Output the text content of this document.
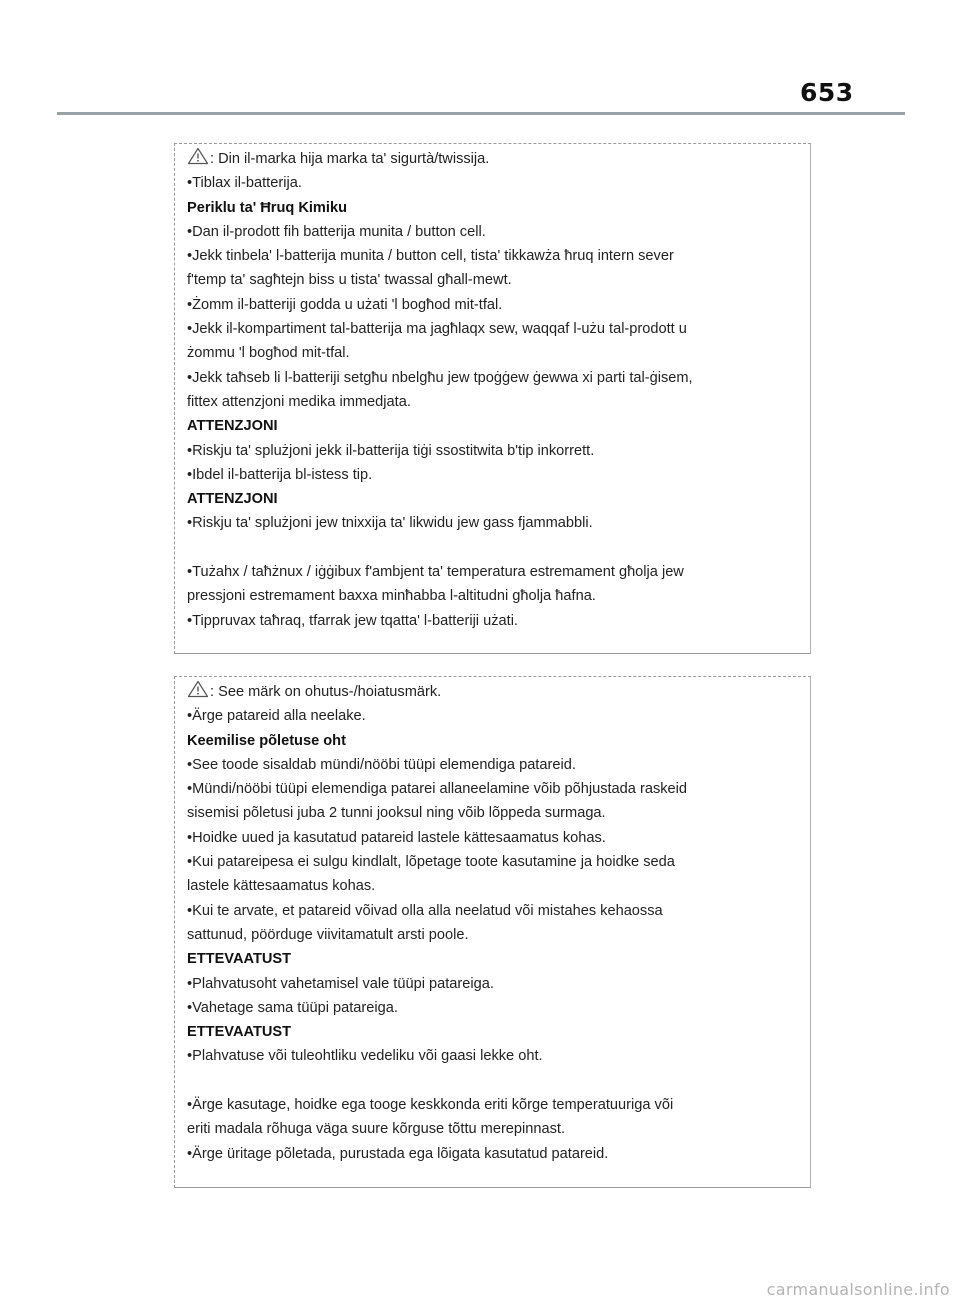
653
: Din il-marka hija marka ta' sigurtà/twissija.
•Tiblax il-batterija.
Periklu ta' Ħruq Kimiku
•Dan il-prodott fih batterija munita / button cell.
•Jekk tinbela' l-batterija munita / button cell, tista' tikkawża ħruq intern sever
f'temp ta' sagħtejn biss u tista' twassal għall-mewt.
•Żomm il-batteriji godda u użati 'l bogħod mit-tfal.
•Jekk il-kompartiment tal-batterija ma jagħlaqx sew, waqqaf l-użu tal-prodott u
żommu 'l bogħod mit-tfal.
•Jekk taħseb li l-batteriji setgħu nbelgħu jew tpoġġew ġewwa xi parti tal-ġisem,
fittex attenzjoni medika immedjata.
ATTENZJONI
•Riskju ta' splużjoni jekk il-batterija tiġi ssostitwita b'tip inkorrett.
•Ibdel il-batterija bl-istess tip.
ATTENZJONI
•Riskju ta' splużjoni jew tnixxija ta' likwidu jew gass fjammabbli.
•Tużahx / taħżnux / iġġibux f'ambjent ta' temperatura estremament għolja jew
pressjoni estremament baxxa minħabba l-altitudni għolja ħafna.
•Tippruvax taħraq, tfarrak jew tqatta' l-batteriji użati.
: See märk on ohutus-/hoiatusmärk.
•Ärge patareid alla neelake.
Keemilise põletuse oht
•See toode sisaldab mündi/nööbi tüüpi elemendiga patareid.
•Mündi/nööbi tüüpi elemendiga patarei allaneelamine võib põhjustada raskeid
sisemisi põletusi juba 2 tunni jooksul ning võib lõppeda surmaga.
•Hoidke uued ja kasutatud patareid lastele kättesaamatus kohas.
•Kui patareipesa ei sulgu kindlalt, lõpetage toote kasutamine ja hoidke seda
lastele kättesaamatus kohas.
•Kui te arvate, et patareid võivad olla alla neelatud või mistahes kehaossa
sattunud, pöörduge viivitamatult arsti poole.
ETTEVAATUST
•Plahvatusoht vahetamisel vale tüüpi patareiga.
•Vahetage sama tüüpi patareiga.
ETTEVAATUST
•Plahvatuse või tuleohtliku vedeliku või gaasi lekke oht.
•Ärge kasutage, hoidke ega tooge keskkonda eriti kõrge temperatuuriga või
eriti madala rõhuga väga suure kõrguse tõttu merepinnast.
•Ärge üritage põletada, purustada ega lõigata kasutatud patareid.
carmanualsonline.info
